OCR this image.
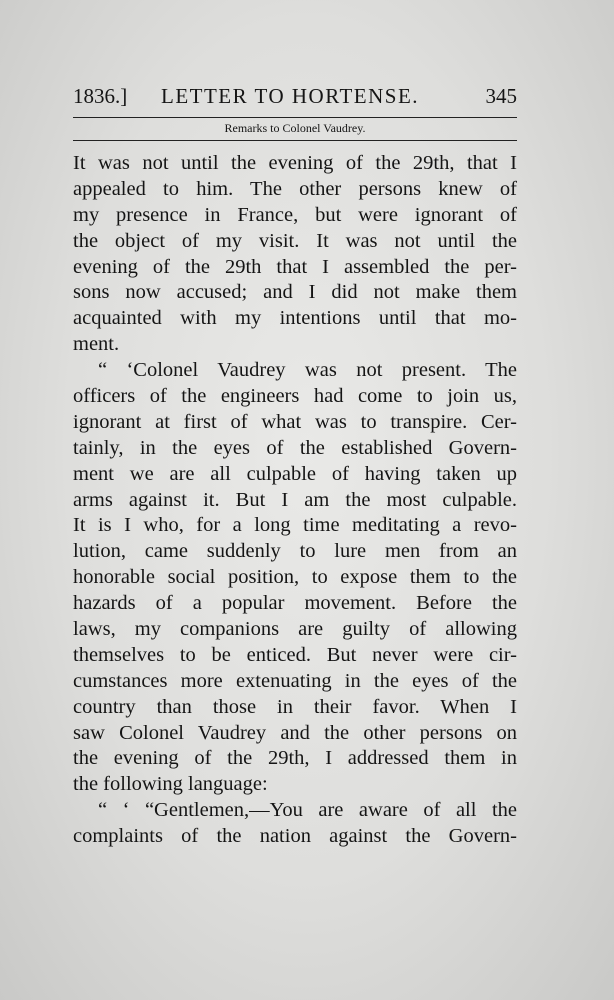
1836.] LETTER TO HORTENSE.	345
Remarks to Colonel Vaudrey.
It was not until the evening of the 29th, that I
appealed to him. The other persons knew of
my presence in France, but were ignorant of
the object of my visit. It was not until the
evening of the 29th that I assembled the per-
sons now accused; and I did not make them
acquainted with my intentions until that mo-
ment.
“ ‘Colonel Vaudrey was not present. The
officers of the engineers had come to join us,
ignorant at first of what was to transpire. Cer-
tainly, in the eyes of the established Govern-
ment we are all culpable of having taken up
arms against it. But I am the most culpable.
It is I who, for a long time meditating a revo-
lution, came suddenly to lure men from an
honorable social position, to expose them to the
hazards of a popular movement. Before the
laws, my companions are guilty of allowing
themselves to be enticed. But never were cir-
cumstances more extenuating in the eyes of the
country than those in their favor. When I
saw Colonel Vaudrey and the other persons on
the evening of the 29th, I addressed them in
the following language:
“ ‘ “Gentlemen,—You are aware of all the
complaints of the nation against the Govern-
